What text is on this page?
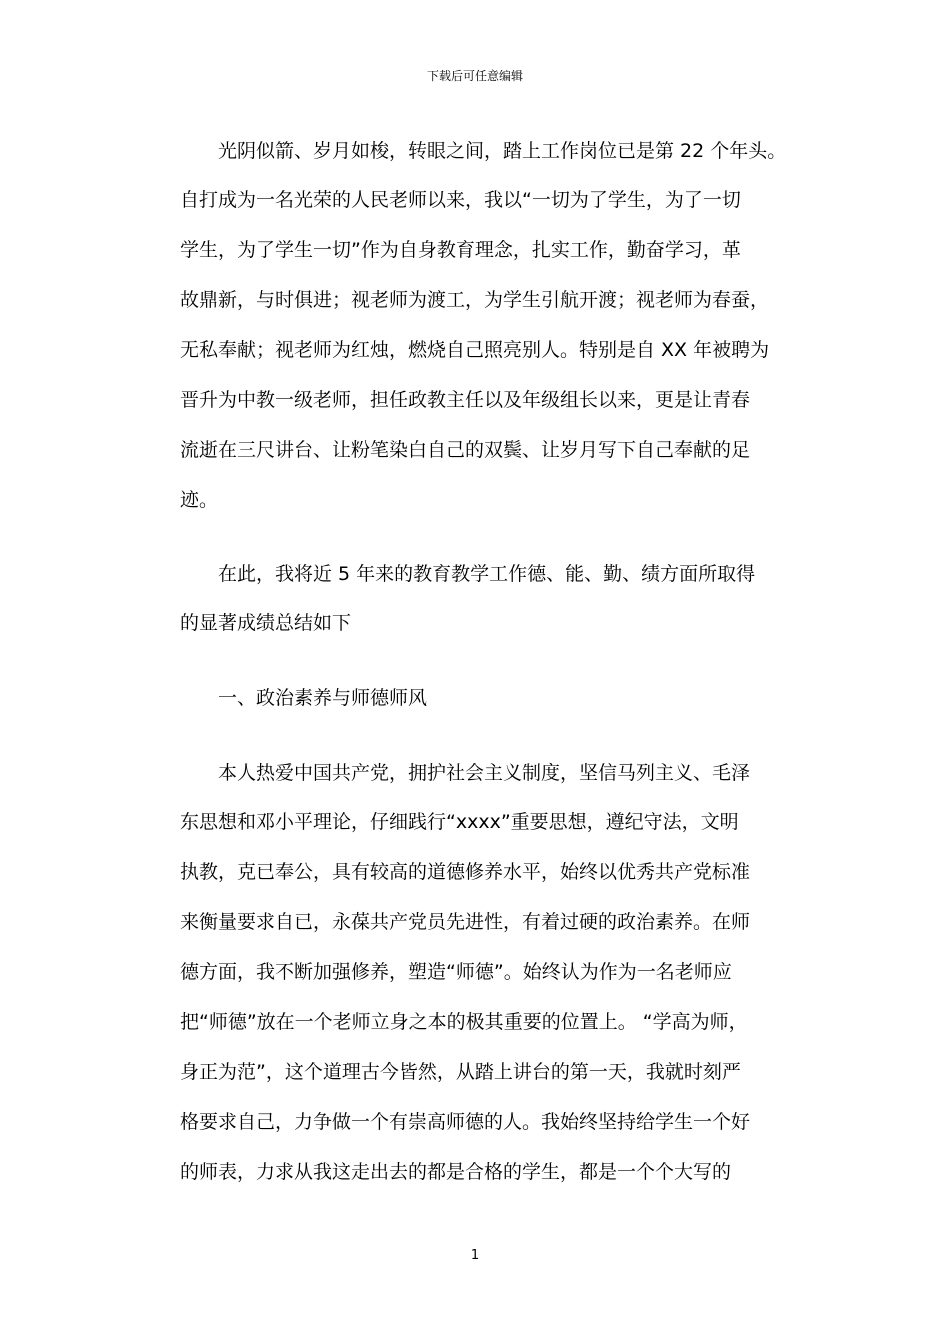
下载后可任意编辑
光阴似箭、岁月如梭，转眼之间，踏上工作岗位已是第 22 个年头。
自打成为一名光荣的人民老师以来，我以“一切为了学生，为了一切
学生，为了学生一切”作为自身教育理念，扎实工作，勤奋学习，革
故鼎新，与时俱进；视老师为渡工，为学生引航开渡；视老师为春蚕，
无私奉献；视老师为红烛，燃烧自己照亮别人。特别是自 XX 年被聘为
晋升为中教一级老师，担任政教主任以及年级组长以来，更是让青春
流逝在三尺讲台、让粉笔染白自己的双鬓、让岁月写下自己奉献的足
迹。
在此，我将近 5 年来的教育教学工作德、能、勤、绩方面所取得
的显著成绩总结如下
一、政治素养与师德师风
本人热爱中国共产党，拥护社会主义制度，坚信马列主义、毛泽
东思想和邓小平理论，仔细践行“xxxx”重要思想，遵纪守法，文明
执教，克已奉公，具有较高的道德修养水平，始终以优秀共产党标准
来衡量要求自已，永葆共产党员先进性，有着过硬的政治素养。在师
德方面，我不断加强修养，塑造“师德”。始终认为作为一名老师应
把“师德”放在一个老师立身之本的极其重要的位置上。 “学高为师，
身正为范”，这个道理古今皆然，从踏上讲台的第一天，我就时刻严
格要求自己，力争做一个有崇高师德的人。我始终坚持给学生一个好
的师表，力求从我这走出去的都是合格的学生，都是一个个大写的
1
